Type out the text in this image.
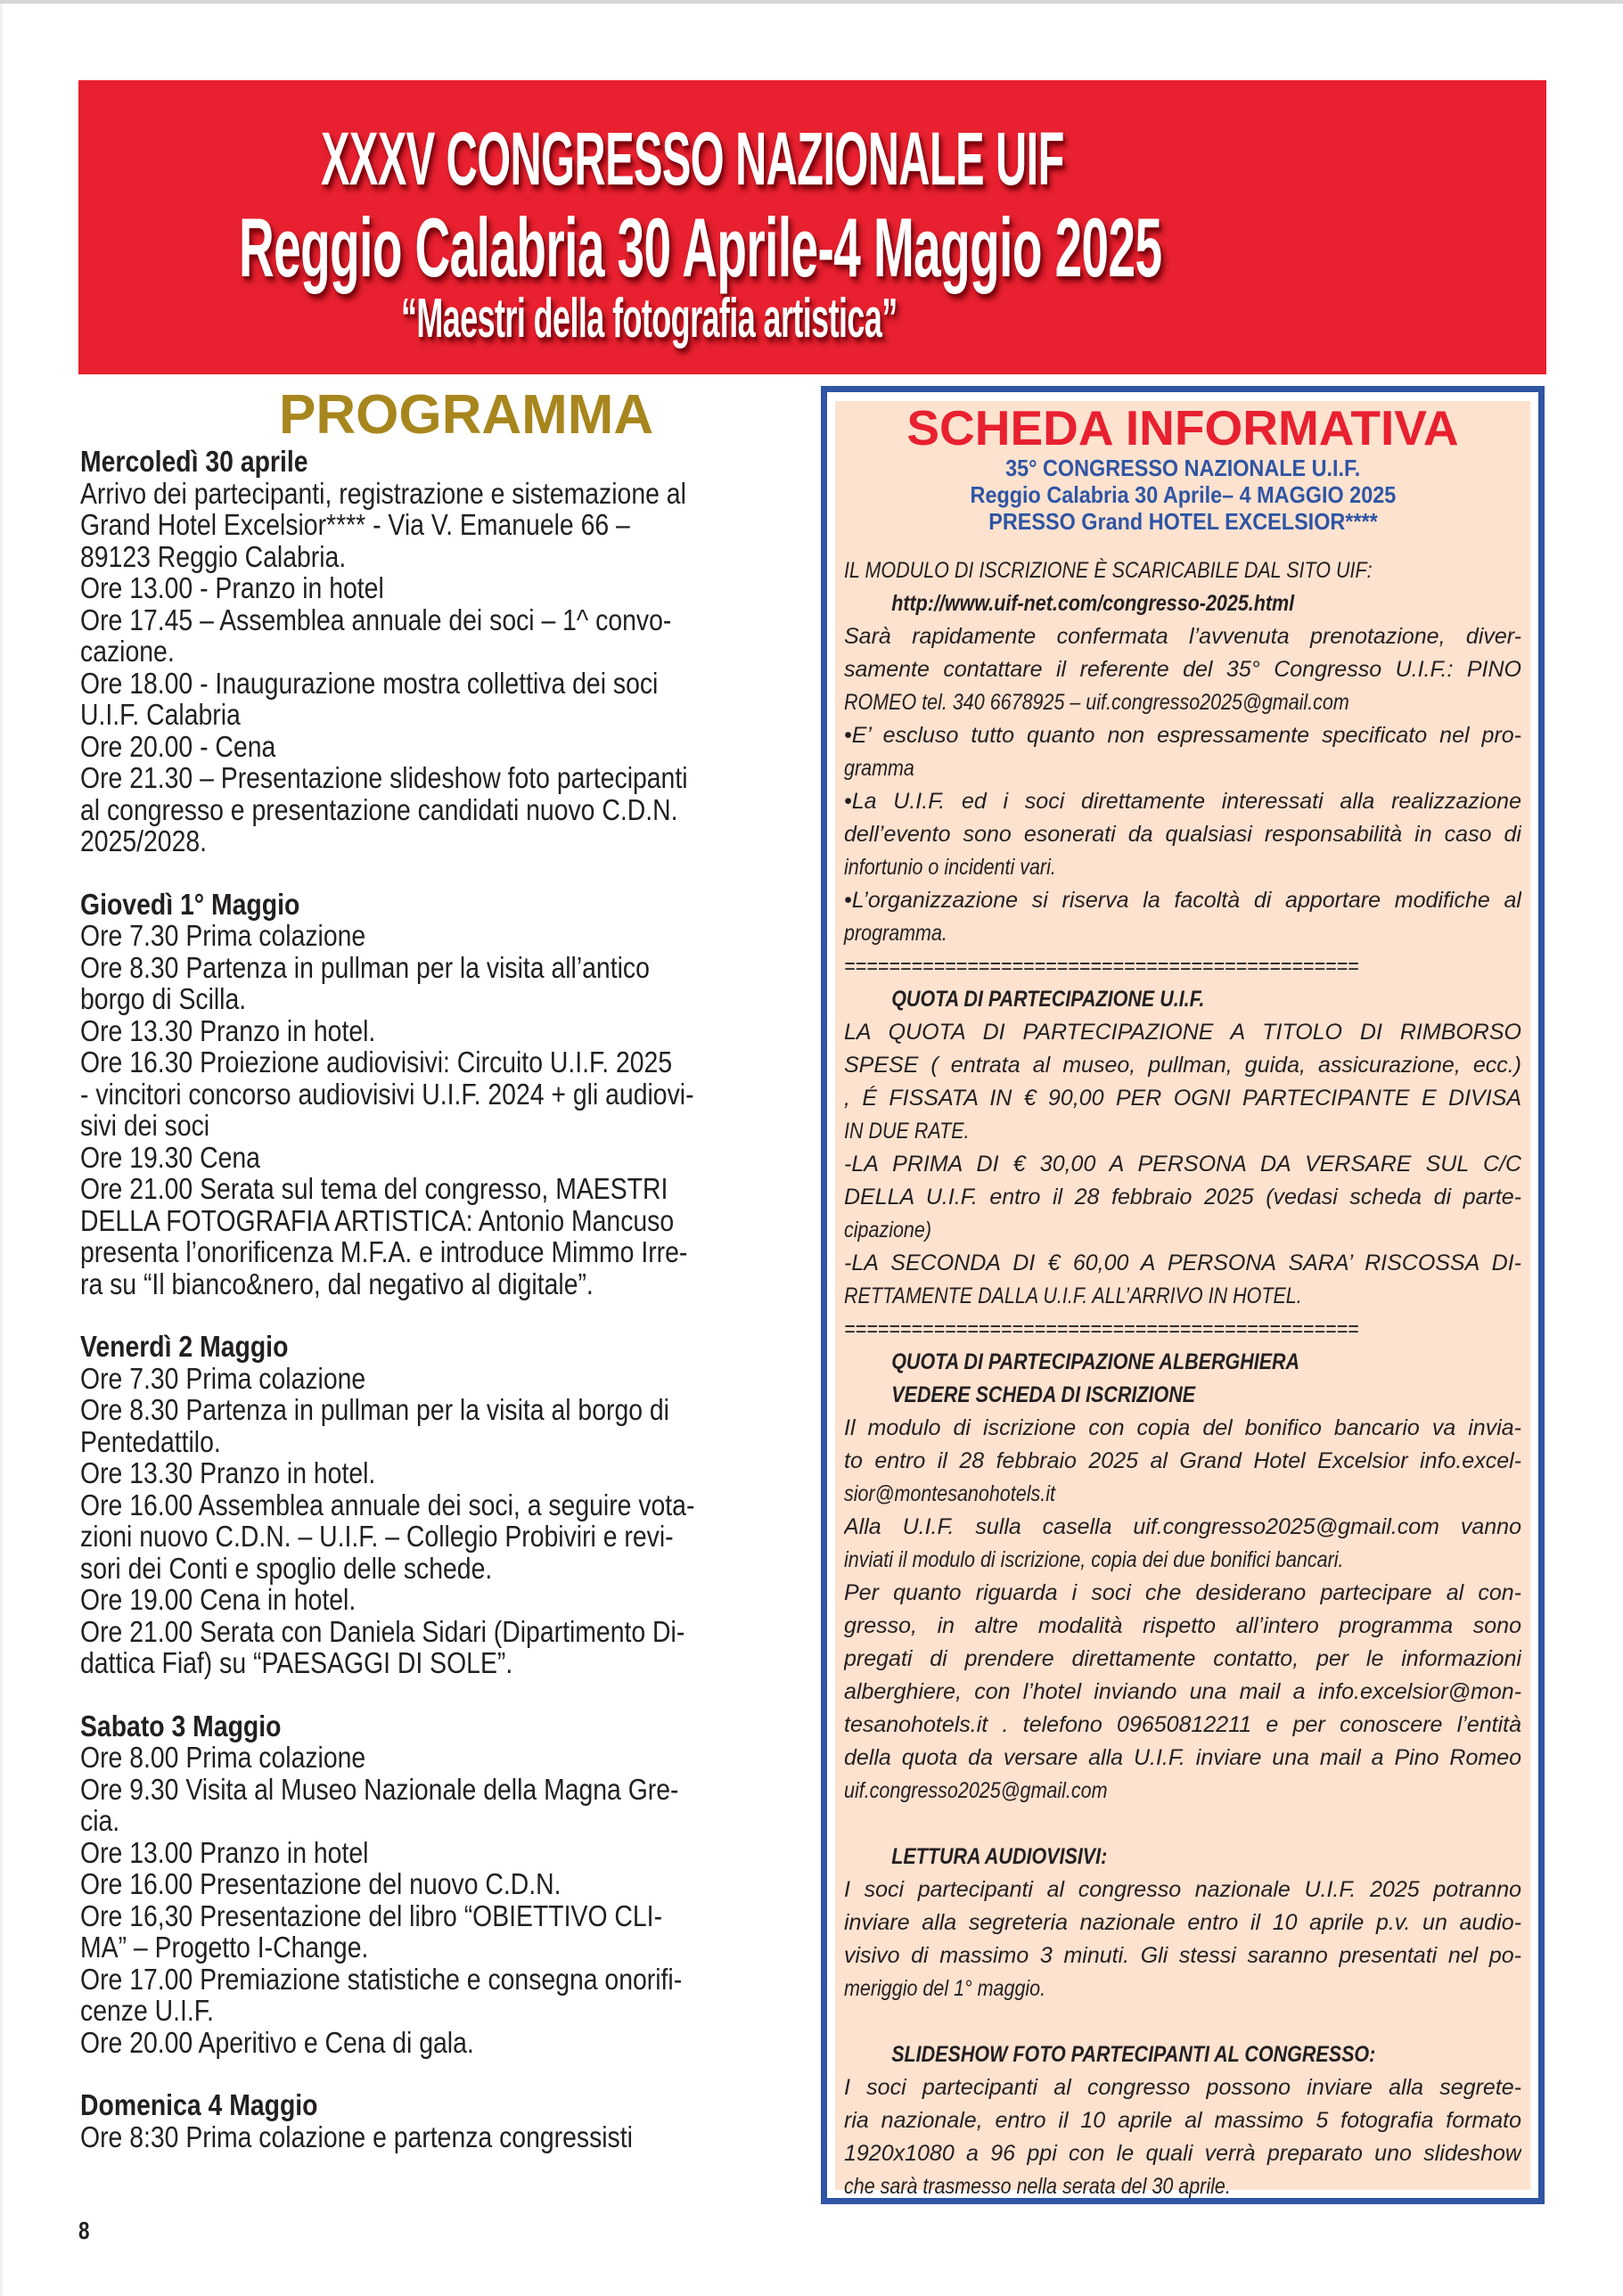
XXXV CONGRESSO NAZIONALE UIF
Reggio Calabria 30 Aprile-4 Maggio 2025
“Maestri della fotografia artistica”
PROGRAMMA
Mercoledì 30 aprile
Arrivo dei partecipanti, registrazione e sistemazione al
Grand Hotel Excelsior**** - Via V. Emanuele 66 –
89123 Reggio Calabria.
Ore 13.00 - Pranzo in hotel
Ore 17.45 – Assemblea annuale dei soci – 1^ convo-
cazione.
Ore 18.00 - Inaugurazione mostra collettiva dei soci
U.I.F. Calabria
Ore 20.00 - Cena
Ore 21.30 – Presentazione slideshow foto partecipanti
al congresso e presentazione candidati nuovo C.D.N.
2025/2028.
Giovedì 1° Maggio
Ore 7.30 Prima colazione
Ore 8.30 Partenza in pullman per la visita all’antico
borgo di Scilla.
Ore 13.30 Pranzo in hotel.
Ore 16.30 Proiezione audiovisivi: Circuito U.I.F. 2025
- vincitori concorso audiovisivi U.I.F. 2024 + gli audiovi-
sivi dei soci
Ore 19.30 Cena
Ore 21.00 Serata sul tema del congresso, MAESTRI
DELLA FOTOGRAFIA ARTISTICA: Antonio Mancuso
presenta l’onorificenza M.F.A. e introduce Mimmo Irre-
ra su “Il bianco&nero, dal negativo al digitale”.
Venerdì 2 Maggio
Ore 7.30 Prima colazione
Ore 8.30 Partenza in pullman per la visita al borgo di
Pentedattilo.
Ore 13.30 Pranzo in hotel.
Ore 16.00 Assemblea annuale dei soci, a seguire vota-
zioni nuovo C.D.N. – U.I.F. – Collegio Probiviri e revi-
sori dei Conti e spoglio delle schede.
Ore 19.00 Cena in hotel.
Ore 21.00 Serata con Daniela Sidari (Dipartimento Di-
dattica Fiaf) su “PAESAGGI DI SOLE”.
Sabato 3 Maggio
Ore 8.00 Prima colazione
Ore 9.30 Visita al Museo Nazionale della Magna Gre-
cia.
Ore 13.00 Pranzo in hotel
Ore 16.00 Presentazione del nuovo C.D.N.
Ore 16,30 Presentazione del libro “OBIETTIVO CLI-
MA” – Progetto I-Change.
Ore 17.00 Premiazione statistiche e consegna onorifi-
cenze U.I.F.
Ore 20.00 Aperitivo e Cena di gala.
Domenica 4 Maggio
Ore 8:30 Prima colazione e partenza congressisti
SCHEDA INFORMATIVA
35° CONGRESSO NAZIONALE U.I.F.
Reggio Calabria 30 Aprile– 4 MAGGIO 2025
PRESSO Grand HOTEL EXCELSIOR****
IL MODULO DI ISCRIZIONE È SCARICABILE DAL SITO UIF:
http://www.uif-net.com/congresso-2025.html
Sarà rapidamente confermata l’avvenuta prenotazione, diver-
samente contattare il referente del 35° Congresso U.I.F.: PINO
ROMEO tel. 340 6678925 – uif.congresso2025@gmail.com
•E’ escluso tutto quanto non espressamente specificato nel pro-
gramma
•La U.I.F. ed i soci direttamente interessati alla realizzazione
dell’evento sono esonerati da qualsiasi responsabilità in caso di
infortunio o incidenti vari.
•L’organizzazione si riserva la facoltà di apportare modifiche al
programma.
==============================================
QUOTA DI PARTECIPAZIONE U.I.F.
LA QUOTA DI PARTECIPAZIONE A TITOLO DI RIMBORSO
SPESE ( entrata al museo, pullman, guida, assicurazione, ecc.)
, É FISSATA IN € 90,00 PER OGNI PARTECIPANTE E DIVISA
IN DUE RATE.
-LA PRIMA DI € 30,00 A PERSONA DA VERSARE SUL C/C
DELLA U.I.F. entro il 28 febbraio 2025 (vedasi scheda di parte-
cipazione)
-LA SECONDA DI € 60,00 A PERSONA SARA’ RISCOSSA DI-
RETTAMENTE DALLA U.I.F. ALL’ARRIVO IN HOTEL.
==============================================
QUOTA DI PARTECIPAZIONE ALBERGHIERA
VEDERE SCHEDA DI ISCRIZIONE
Il modulo di iscrizione con copia del bonifico bancario va invia-
to entro il 28 febbraio 2025 al Grand Hotel Excelsior info.excel-
sior@montesanohotels.it
Alla U.I.F. sulla casella uif.congresso2025@gmail.com vanno
inviati il modulo di iscrizione, copia dei due bonifici bancari.
Per quanto riguarda i soci che desiderano partecipare al con-
gresso, in altre modalità rispetto all’intero programma sono
pregati di prendere direttamente contatto, per le informazioni
alberghiere, con l’hotel inviando una mail a info.excelsior@mon-
tesanohotels.it . telefono 09650812211 e per conoscere l’entità
della quota da versare alla U.I.F. inviare una mail a Pino Romeo
uif.congresso2025@gmail.com
LETTURA AUDIOVISIVI:
I soci partecipanti al congresso nazionale U.I.F. 2025 potranno
inviare alla segreteria nazionale entro il 10 aprile p.v. un audio-
visivo di massimo 3 minuti. Gli stessi saranno presentati nel po-
meriggio del 1° maggio.
SLIDESHOW FOTO PARTECIPANTI AL CONGRESSO:
I soci partecipanti al congresso possono inviare alla segrete-
ria nazionale, entro il 10 aprile al massimo 5 fotografia formato
1920x1080 a 96 ppi con le quali verrà preparato uno slideshow
che sarà trasmesso nella serata del 30 aprile.
8
